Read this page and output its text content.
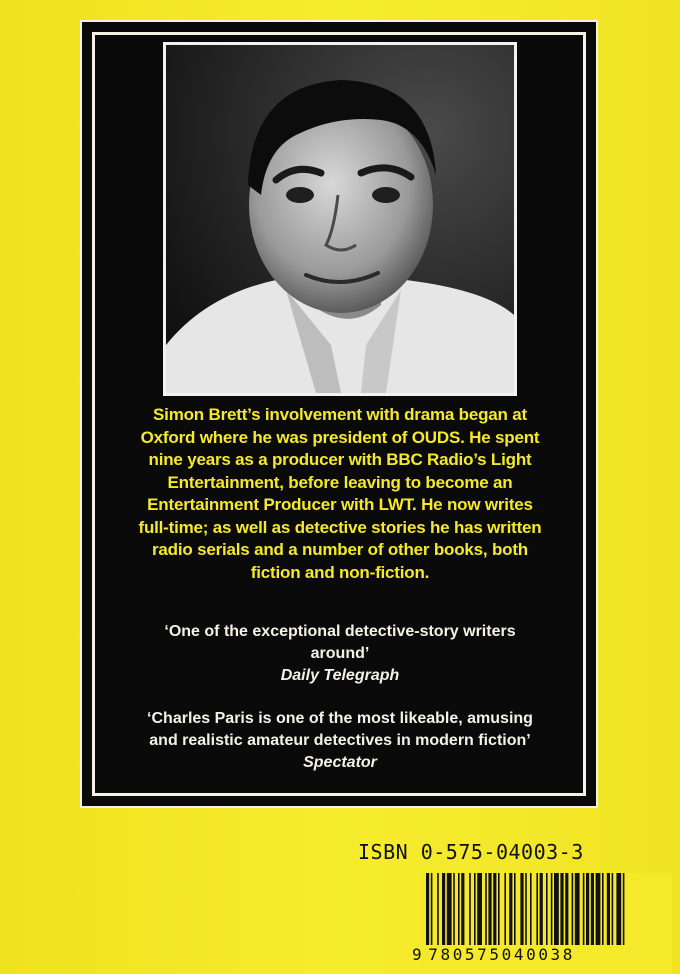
Simon Brett’s involvement with drama began at
Oxford where he was president of OUDS. He spent
nine years as a producer with BBC Radio’s Light
Entertainment, before leaving to become an
Entertainment Producer with LWT. He now writes
full-time; as well as detective stories he has written
radio serials and a number of other books, both
fiction and non-fiction.
‘One of the exceptional detective-story writers
around’
Daily Telegraph
‘Charles Paris is one of the most likeable, amusing
and realistic amateur detectives in modern fiction’
Spectator
ISBN 0-575-04003-3
9 780575040038
